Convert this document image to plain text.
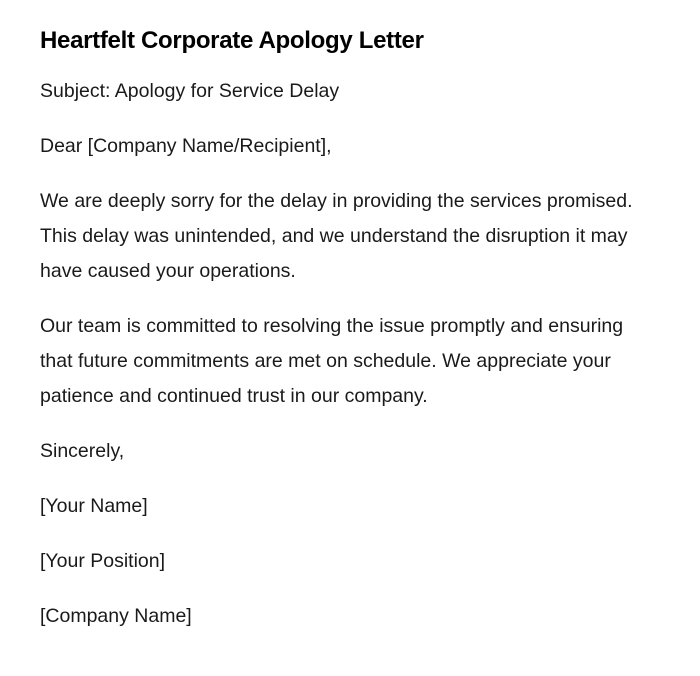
Heartfelt Corporate Apology Letter

Subject: Apology for Service Delay

Dear [Company Name/Recipient],

We are deeply sorry for the delay in providing the services promised. This delay was unintended, and we understand the disruption it may have caused your operations.

Our team is committed to resolving the issue promptly and ensuring that future commitments are met on schedule. We appreciate your patience and continued trust in our company.

Sincerely,

[Your Name]

[Your Position]

[Company Name]
